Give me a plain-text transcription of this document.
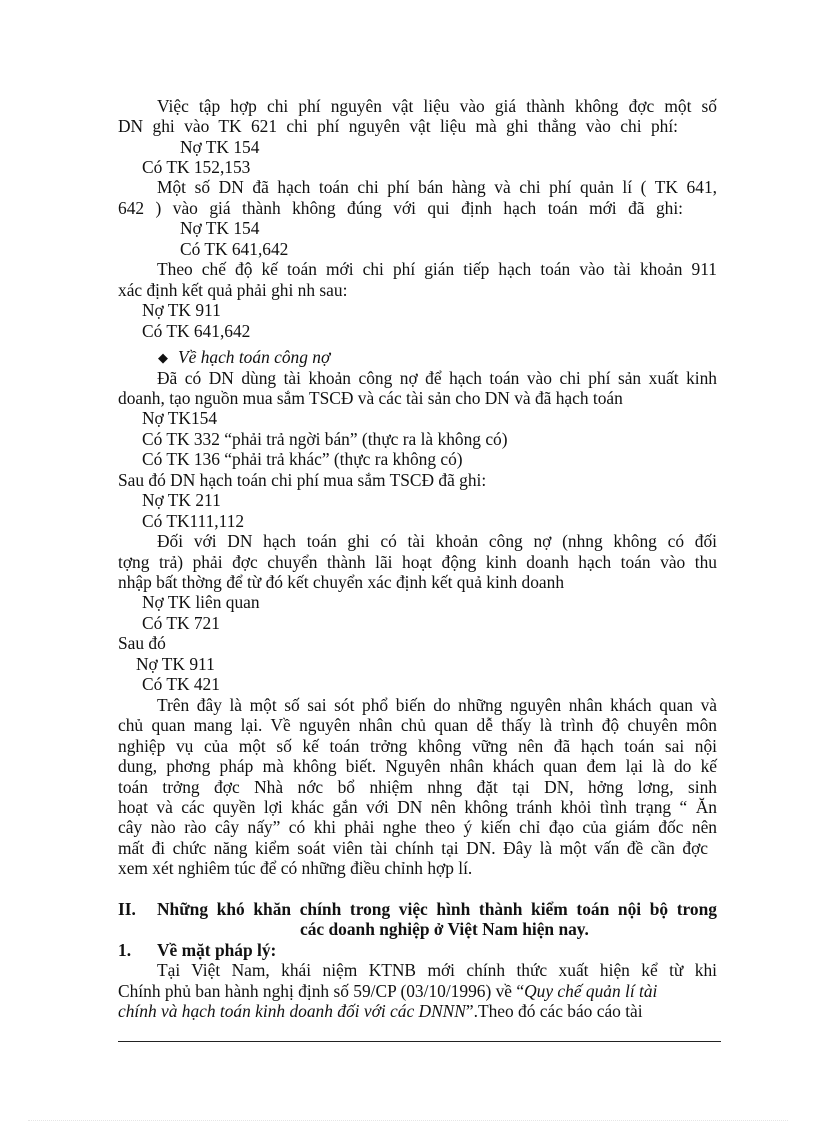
Việc tập hợp chi phí nguyên vật liệu vào giá thành không đợc một số
DN ghi vào TK 621 chi phí nguyên vật liệu mà ghi thẳng vào chi phí:
Nợ TK 154
Có TK 152,153
Một số DN đã hạch toán chi phí bán hàng và chi phí quản lí ( TK 641,
642 ) vào giá thành không đúng với qui định hạch toán mới đã ghi:
Nợ TK 154
Có TK 641,642
Theo chế độ kế toán mới chi phí gián tiếp hạch toán vào tài khoản 911
xác định kết quả phải ghi nh sau:
Nợ TK 911
Có TK 641,642
◆ Về hạch toán công nợ
Đã có DN dùng tài khoản công nợ để hạch toán vào chi phí sản xuất kinh
doanh, tạo nguồn mua sắm TSCĐ và các tài sản cho DN và đã hạch toán
Nợ TK154
Có TK 332 “phải trả ngời bán” (thực ra là không có)
Có TK 136 “phải trả khác” (thực ra không có)
Sau đó DN hạch toán chi phí mua sắm TSCĐ đã ghi:
Nợ TK 211
Có TK111,112
Đối với DN hạch toán ghi có tài khoản công nợ (nhng không có đối
tợng trả) phải đợc chuyển thành lãi hoạt động kinh doanh hạch toán vào thu
nhập bất thờng để từ đó kết chuyển xác định kết quả kinh doanh
Nợ TK liên quan
Có TK 721
Sau đó
Nợ TK 911
Có TK 421
Trên đây là một số sai sót phổ biến do những nguyên nhân khách quan và
chủ quan mang lại. Về nguyên nhân chủ quan dễ thấy là trình độ chuyên môn
nghiệp vụ của một số kế toán trởng không vững nên đã hạch toán sai nội
dung, phơng pháp mà không biết. Nguyên nhân khách quan đem lại là do kế
toán trởng đợc Nhà nớc bổ nhiệm nhng đặt tại DN, hởng lơng, sinh
hoạt và các quyền lợi khác gắn với DN nên không tránh khỏi tình trạng “ Ăn
cây nào rào cây nấy” có khi phải nghe theo ý kiến chỉ đạo của giám đốc nên
mất đi chức năng kiểm soát viên tài chính tại DN. Đây là một vấn đề cần đợc
xem xét nghiêm túc để có những điều chỉnh hợp lí.
II. Những khó khăn chính trong việc hình thành kiểm toán nội bộ trong
các doanh nghiệp ở Việt Nam hiện nay.
1. Về mặt pháp lý:
Tại Việt Nam, khái niệm KTNB mới chính thức xuất hiện kể từ khi
Chính phủ ban hành nghị định số 59/CP (03/10/1996) về “Quy chế quản lí tài
chính và hạch toán kinh doanh đối với các DNNN”.Theo đó các báo cáo tài
